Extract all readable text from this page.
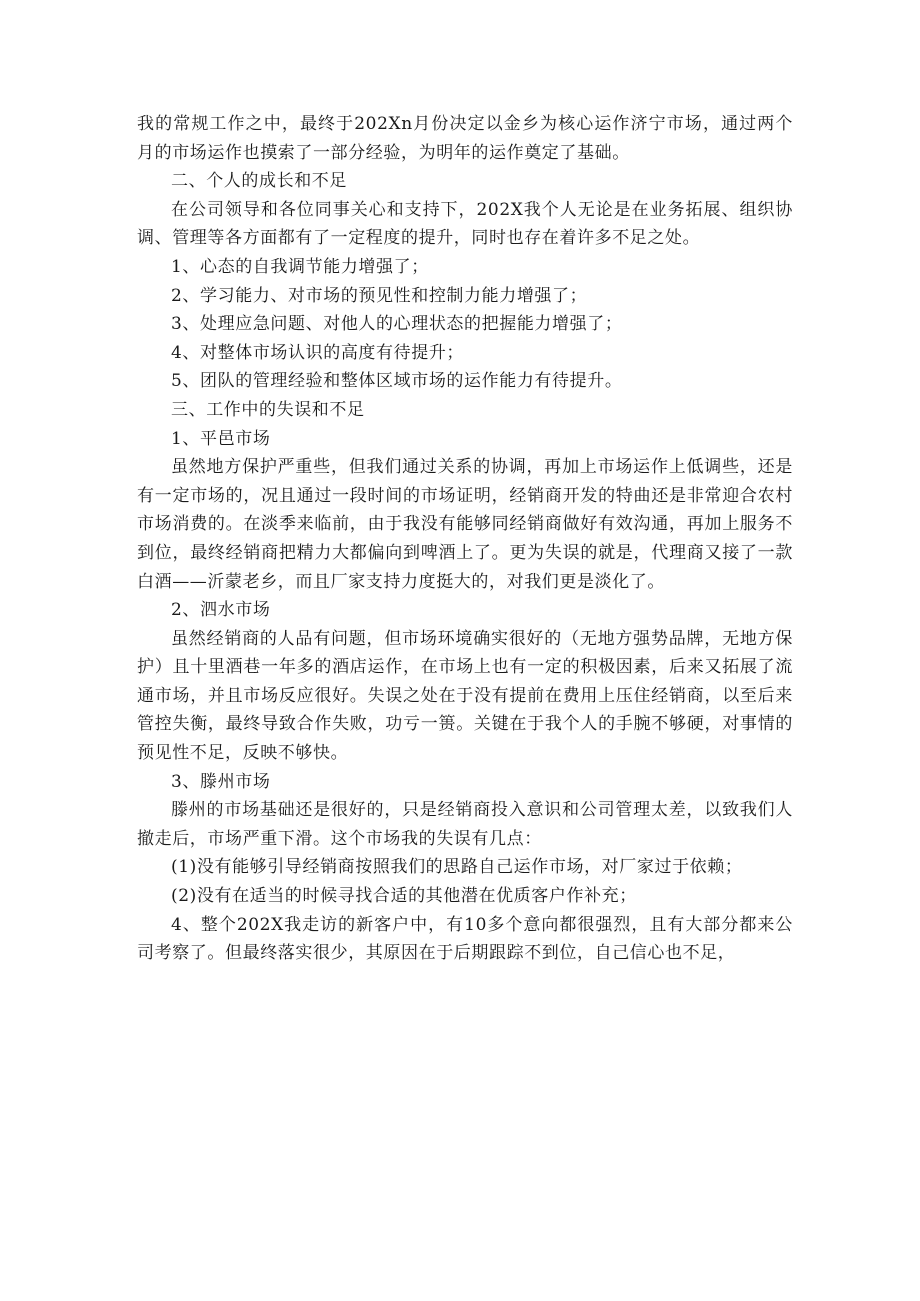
我的常规工作之中，最终于202Xn月份决定以金乡为核心运作济宁市场，通过两个月的市场运作也摸索了一部分经验，为明年的运作奠定了基础。

二、个人的成长和不足

在公司领导和各位同事关心和支持下，202X我个人无论是在业务拓展、组织协调、管理等各方面都有了一定程度的提升，同时也存在着许多不足之处。

1、心态的自我调节能力增强了；

2、学习能力、对市场的预见性和控制力能力增强了；

3、处理应急问题、对他人的心理状态的把握能力增强了；

4、对整体市场认识的高度有待提升；

5、团队的管理经验和整体区域市场的运作能力有待提升。

三、工作中的失误和不足

1、平邑市场

虽然地方保护严重些，但我们通过关系的协调，再加上市场运作上低调些，还是有一定市场的，况且通过一段时间的市场证明，经销商开发的特曲还是非常迎合农村市场消费的。在淡季来临前，由于我没有能够同经销商做好有效沟通，再加上服务不到位，最终经销商把精力大都偏向到啤酒上了。更为失误的就是，代理商又接了一款白酒——沂蒙老乡，而且厂家支持力度挺大的，对我们更是淡化了。

2、泗水市场

虽然经销商的人品有问题，但市场环境确实很好的（无地方强势品牌，无地方保护）且十里酒巷一年多的酒店运作，在市场上也有一定的积极因素，后来又拓展了流通市场，并且市场反应很好。失误之处在于没有提前在费用上压住经销商，以至后来管控失衡，最终导致合作失败，功亏一篑。关键在于我个人的手腕不够硬，对事情的预见性不足，反映不够快。

3、滕州市场

滕州的市场基础还是很好的，只是经销商投入意识和公司管理太差，以致我们人撤走后，市场严重下滑。这个市场我的失误有几点：

(1)没有能够引导经销商按照我们的思路自己运作市场，对厂家过于依赖；

(2)没有在适当的时候寻找合适的其他潜在优质客户作补充；

4、整个202X我走访的新客户中，有10多个意向都很强烈，且有大部分都来公司考察了。但最终落实很少，其原因在于后期跟踪不到位，自己信心也不足，
